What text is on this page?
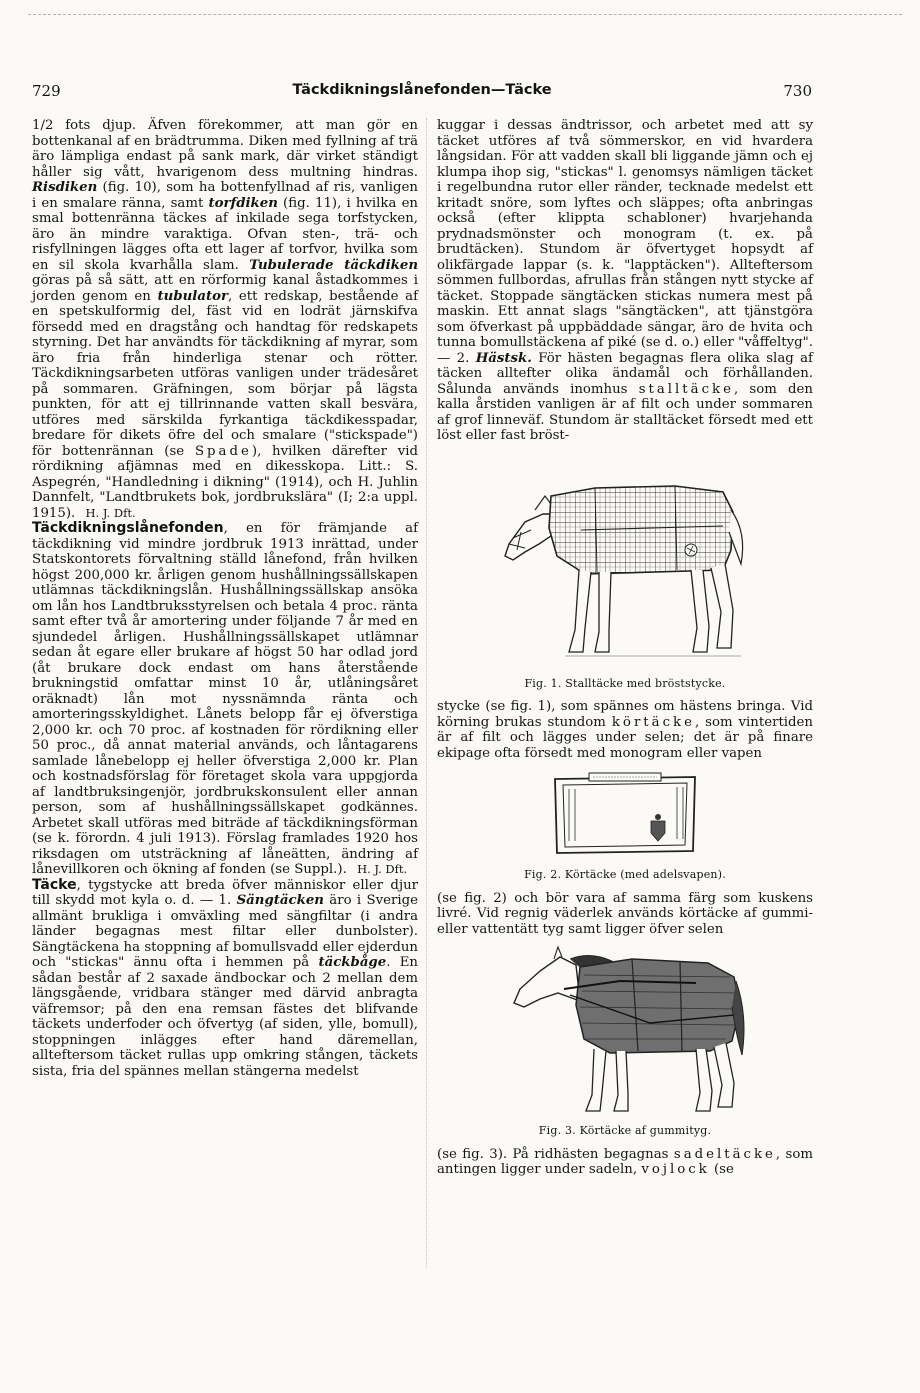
729	Täckdikningslånefonden—Täcke	730

1/2 fots djup. Äfven förekommer, att man gör en bottenkanal af en brädtrumma. Diken med fyllning af trä äro lämpliga endast på sank mark, där virket ständigt håller sig vått, hvarigenom dess multning hindras. Risdiken (fig. 10), som ha bottenfyllnad af ris, vanligen i en smalare ränna, samt torfdiken (fig. 11), i hvilka en smal bottenränna täckes af inkilade sega torfstycken, äro än mindre varaktiga. Ofvan sten-, trä- och risfyllningen lägges ofta ett lager af torfvor, hvilka som en sil skola kvarhålla slam. Tubulerade täckdiken göras på så sätt, att en rörformig kanal åstadkommes i jorden genom en tubulator, ett redskap, bestående af en spetskulformig del, fäst vid en lodrät järnskifva försedd med en dragstång och handtag för redskapets styrning. Det har användts för täckdikning af myrar, som äro fria från hinderliga stenar och rötter. Täckdikningsarbeten utföras vanligen under trädesåret på sommaren. Gräfningen, som börjar på lägsta punkten, för att ej tillrinnande vatten skall besvära, utföres med särskilda fyrkantiga täckdikesspadar, bredare för dikets öfre del och smalare ("stickspade") för bottenrännan (se Spade), hvilken därefter vid rördikning afjämnas med en dikesskopa. Litt.: S. Aspegrén, "Handledning i dikning" (1914), och H. Juhlin Dannfelt, "Landtbrukets bok, jordbrukslära" (I; 2:a uppl. 1915). H. J. Dft.

Täckdikningslånefonden, en för främjande af täckdikning vid mindre jordbruk 1913 inrättad, under Statskontorets förvaltning ställd lånefond, från hvilken högst 200,000 kr. årligen genom hushållningssällskapen utlämnas täckdikningslån. Hushållningssällskap ansöka om lån hos Landtbruksstyrelsen och betala 4 proc. ränta samt efter två år amortering under följande 7 år med en sjundedel årligen. Hushållningssällskapet utlämnar sedan åt egare eller brukare af högst 50 har odlad jord (åt brukare dock endast om hans återstående brukningstid omfattar minst 10 år, utlåningsåret oräknadt) lån mot nyssnämnda ränta och amorteringsskyldighet. Lånets belopp får ej öfverstiga 2,000 kr. och 70 proc. af kostnaden för rördikning eller 50 proc., då annat material används, och låntagarens samlade lånebelopp ej heller öfverstiga 2,000 kr. Plan och kostnadsförslag för företaget skola vara uppgjorda af landtbruksingenjör, jordbrukskonsulent eller annan person, som af hushållningssällskapet godkännes. Arbetet skall utföras med biträde af täckdikningsförman (se k. förordn. 4 juli 1913). Förslag framlades 1920 hos riksdagen om utsträckning af låneätten, ändring af lånevillkoren och ökning af fonden (se Suppl.). H. J. Dft.

Täcke, tygstycke att breda öfver människor eller djur till skydd mot kyla o. d. — 1. Sängtäcken äro i Sverige allmänt brukliga i omväxling med sängfiltar (i andra länder begagnas mest filtar eller dunbolster). Sängtäckena ha stoppning af bomullsvadd eller ejderdun och "stickas" ännu ofta i hemmen på täckbåge. En sådan består af 2 saxade ändbockar och 2 mellan dem längsgående, vridbara stänger med därvid anbragta väfremsor; på den ena remsan fästes det blifvande täckets underfoder och öfvertyg (af siden, ylle, bomull), stoppningen inlägges efter hand däremellan, allteftersom täcket rullas upp omkring stången, täckets sista, fria del spännes mellan stängerna medelst

kuggar i dessas ändtrissor, och arbetet med att sy täcket utföres af två sömmerskor, en vid hvardera långsidan. För att vadden skall bli liggande jämn och ej klumpa ihop sig, "stickas" l. genomsys nämligen täcket i regelbundna rutor eller ränder, tecknade medelst ett kritadt snöre, som lyftes och släppes; ofta anbringas också (efter klippta schabloner) hvarjehanda prydnadsmönster och monogram (t. ex. på brudtäcken). Stundom är öfvertyget hopsydt af olikfärgade lappar (s. k. "lapptäcken"). Allteftersom sömmen fullbordas, afrullas från stången nytt stycke af täcket. Stoppade sängtäcken stickas numera mest på maskin. Ett annat slags "sängtäcken", att tjänstgöra som öfverkast på uppbäddade sängar, äro de hvita och tunna bomullstäckena af piké (se d. o.) eller "våffeltyg". — 2. Hästsk. För hästen begagnas flera olika slag af täcken alltefter olika ändamål och förhållanden. Sålunda används inomhus stalltäcke, som den kalla årstiden vanligen är af filt och under sommaren af grof linneväf. Stundom är stalltäcket försedt med ett löst eller fast bröst-

Fig. 1. Stalltäcke med bröststycke.

stycke (se fig. 1), som spännes om hästens bringa. Vid körning brukas stundom körtäcke, som vintertiden är af filt och lägges under selen; det är på finare ekipage ofta försedt med monogram eller vapen

Fig. 2. Körtäcke (med adelsvapen).

(se fig. 2) och bör vara af samma färg som kuskens livré. Vid regnig väderlek används körtäcke af gummi- eller vattentätt tyg samt ligger öfver selen

Fig. 3. Körtäcke af gummityg.

(se fig. 3). På ridhästen begagnas sadeltäcke, som antingen ligger under sadeln, vojlock (se
